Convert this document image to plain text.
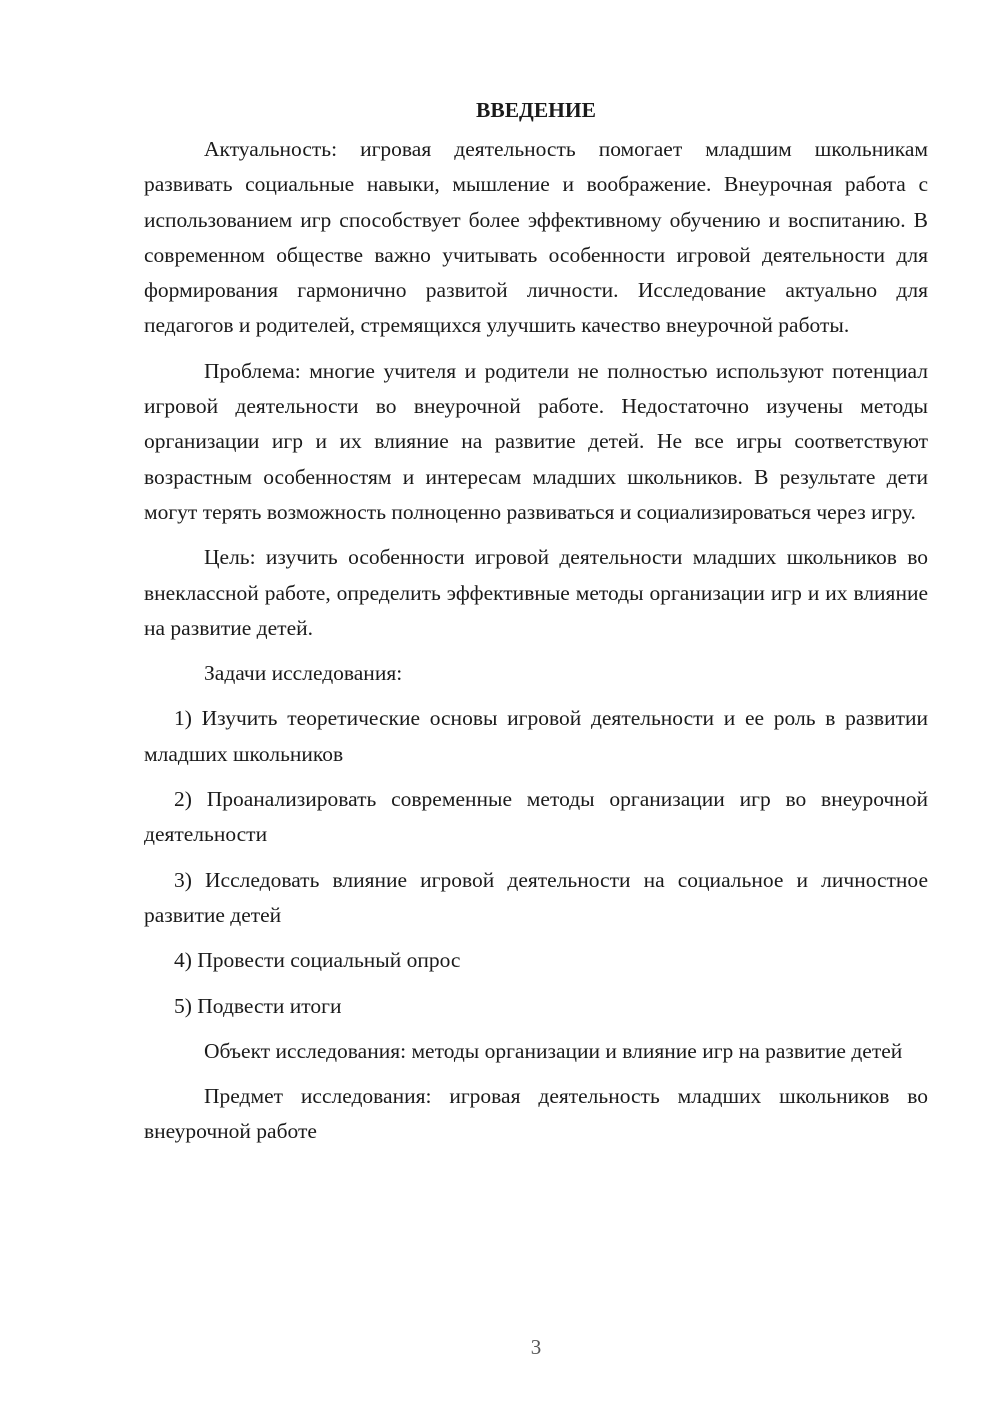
ВВЕДЕНИЕ

Актуальность: игровая деятельность помогает младшим школьникам развивать социальные навыки, мышление и воображение. Внеурочная работа с использованием игр способствует более эффективному обучению и воспитанию. В современном обществе важно учитывать особенности игровой деятельности для формирования гармонично развитой личности. Исследование актуально для педагогов и родителей, стремящихся улучшить качество внеурочной работы.

Проблема: многие учителя и родители не полностью используют потенциал игровой деятельности во внеурочной работе. Недостаточно изучены методы организации игр и их влияние на развитие детей. Не все игры соответствуют возрастным особенностям и интересам младших школьников. В результате дети могут терять возможность полноценно развиваться и социализироваться через игру.

Цель: изучить особенности игровой деятельности младших школьников во внеклассной работе, определить эффективные методы организации игр и их влияние на развитие детей.

Задачи исследования:

1) Изучить теоретические основы игровой деятельности и ее роль в развитии младших школьников

2) Проанализировать современные методы организации игр во внеурочной деятельности

3) Исследовать влияние игровой деятельности на социальное и личностное развитие детей

4) Провести социальный опрос

5) Подвести итоги

Объект исследования: методы организации и влияние игр на развитие детей

Предмет исследования: игровая деятельность младших школьников во внеурочной работе

3
